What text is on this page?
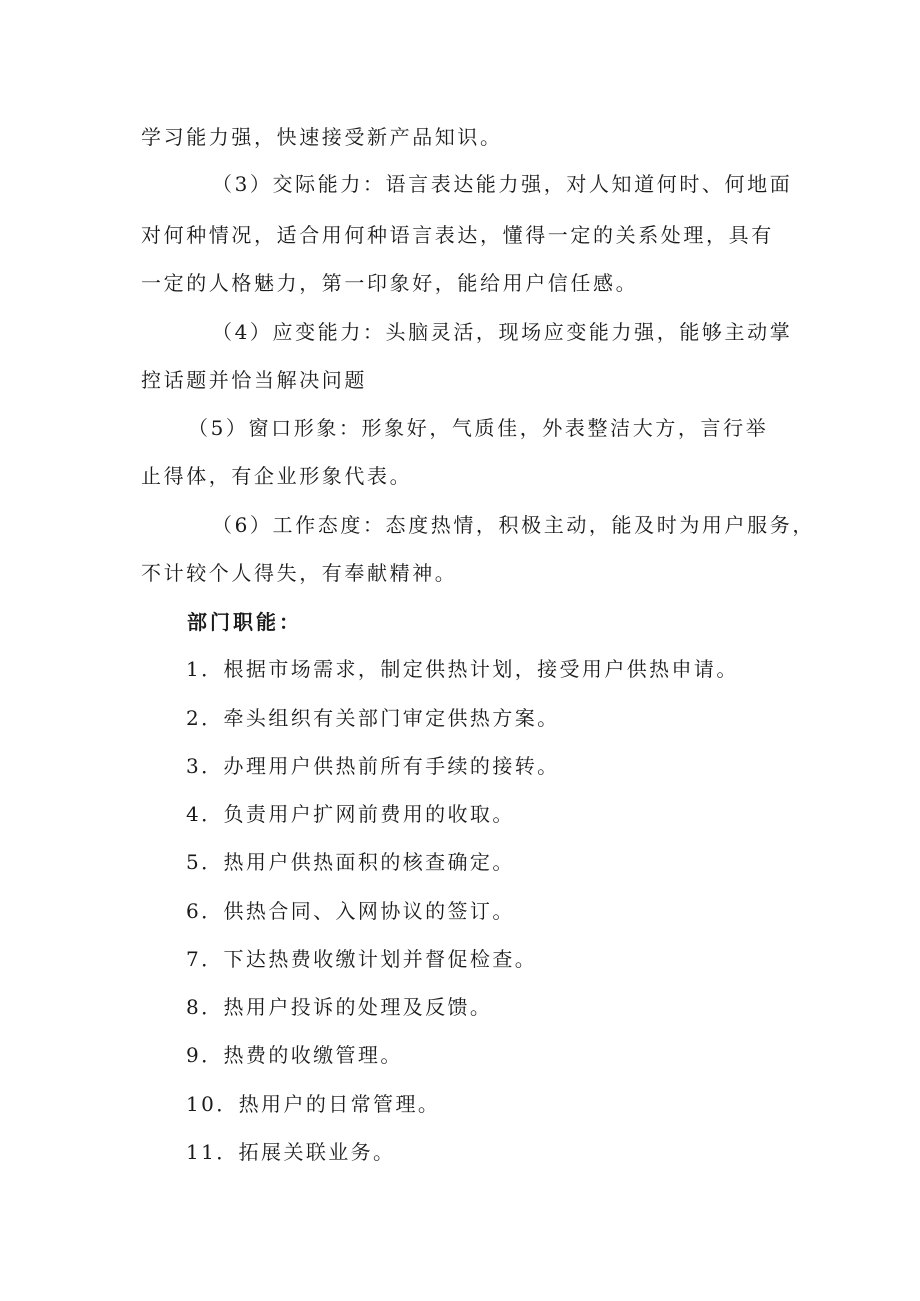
学习能力强，快速接受新产品知识。
（3）交际能力：语言表达能力强，对人知道何时、何地面
对何种情况，适合用何种语言表达，懂得一定的关系处理，具有
一定的人格魅力，第一印象好，能给用户信任感。
（4）应变能力：头脑灵活，现场应变能力强，能够主动掌
控话题并恰当解决问题
（5）窗口形象：形象好，气质佳，外表整洁大方，言行举
止得体，有企业形象代表。
（6）工作态度：态度热情，积极主动，能及时为用户服务，
不计较个人得失，有奉献精神。
部门职能：
1．根据市场需求，制定供热计划，接受用户供热申请。
2．牵头组织有关部门审定供热方案。
3．办理用户供热前所有手续的接转。
4．负责用户扩网前费用的收取。
5．热用户供热面积的核查确定。
6．供热合同、入网协议的签订。
7．下达热费收缴计划并督促检查。
8．热用户投诉的处理及反馈。
9．热费的收缴管理。
10．热用户的日常管理。
11．拓展关联业务。
